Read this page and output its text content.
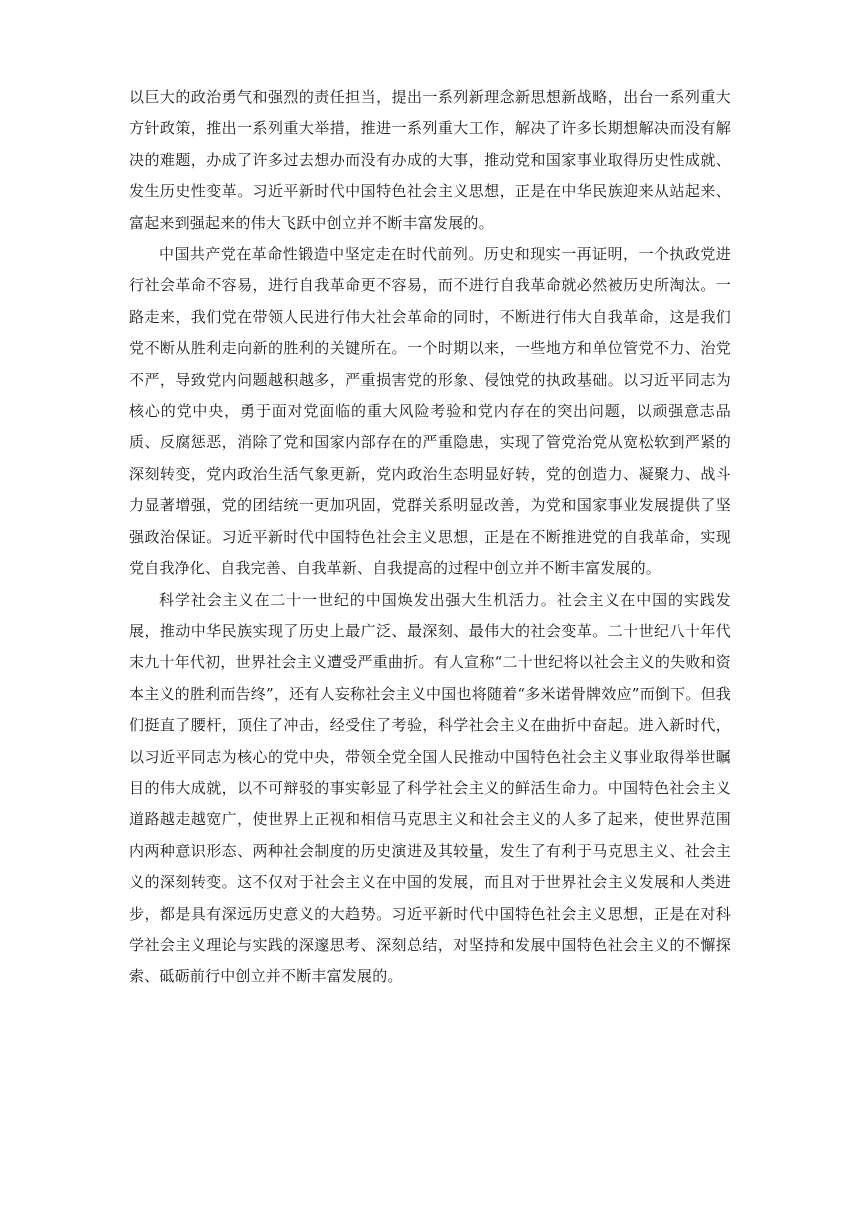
以巨大的政治勇气和强烈的责任担当，提出一系列新理念新思想新战略，出台一系列重大方针政策，推出一系列重大举措，推进一系列重大工作，解决了许多长期想解决而没有解决的难题，办成了许多过去想办而没有办成的大事，推动党和国家事业取得历史性成就、发生历史性变革。习近平新时代中国特色社会主义思想，正是在中华民族迎来从站起来、富起来到强起来的伟大飞跃中创立并不断丰富发展的。

中国共产党在革命性锻造中坚定走在时代前列。历史和现实一再证明，一个执政党进行社会革命不容易，进行自我革命更不容易，而不进行自我革命就必然被历史所淘汰。一路走来，我们党在带领人民进行伟大社会革命的同时，不断进行伟大自我革命，这是我们党不断从胜利走向新的胜利的关键所在。一个时期以来，一些地方和单位管党不力、治党不严，导致党内问题越积越多，严重损害党的形象、侵蚀党的执政基础。以习近平同志为核心的党中央，勇于面对党面临的重大风险考验和党内存在的突出问题，以顽强意志品质、反腐惩恶，消除了党和国家内部存在的严重隐患，实现了管党治党从宽松软到严紧的深刻转变，党内政治生活气象更新，党内政治生态明显好转，党的创造力、凝聚力、战斗力显著增强，党的团结统一更加巩固，党群关系明显改善，为党和国家事业发展提供了坚强政治保证。习近平新时代中国特色社会主义思想，正是在不断推进党的自我革命，实现党自我净化、自我完善、自我革新、自我提高的过程中创立并不断丰富发展的。

科学社会主义在二十一世纪的中国焕发出强大生机活力。社会主义在中国的实践发展，推动中华民族实现了历史上最广泛、最深刻、最伟大的社会变革。二十世纪八十年代末九十年代初，世界社会主义遭受严重曲折。有人宣称“二十世纪将以社会主义的失败和资本主义的胜利而告终”，还有人妄称社会主义中国也将随着“多米诺骨牌效应”而倒下。但我们挺直了腰杆，顶住了冲击，经受住了考验，科学社会主义在曲折中奋起。进入新时代，以习近平同志为核心的党中央，带领全党全国人民推动中国特色社会主义事业取得举世瞩目的伟大成就，以不可辩驳的事实彰显了科学社会主义的鲜活生命力。中国特色社会主义道路越走越宽广，使世界上正视和相信马克思主义和社会主义的人多了起来，使世界范围内两种意识形态、两种社会制度的历史演进及其较量，发生了有利于马克思主义、社会主义的深刻转变。这不仅对于社会主义在中国的发展，而且对于世界社会主义发展和人类进步，都是具有深远历史意义的大趋势。习近平新时代中国特色社会主义思想，正是在对科学社会主义理论与实践的深邃思考、深刻总结，对坚持和发展中国特色社会主义的不懈探索、砥砺前行中创立并不断丰富发展的。
